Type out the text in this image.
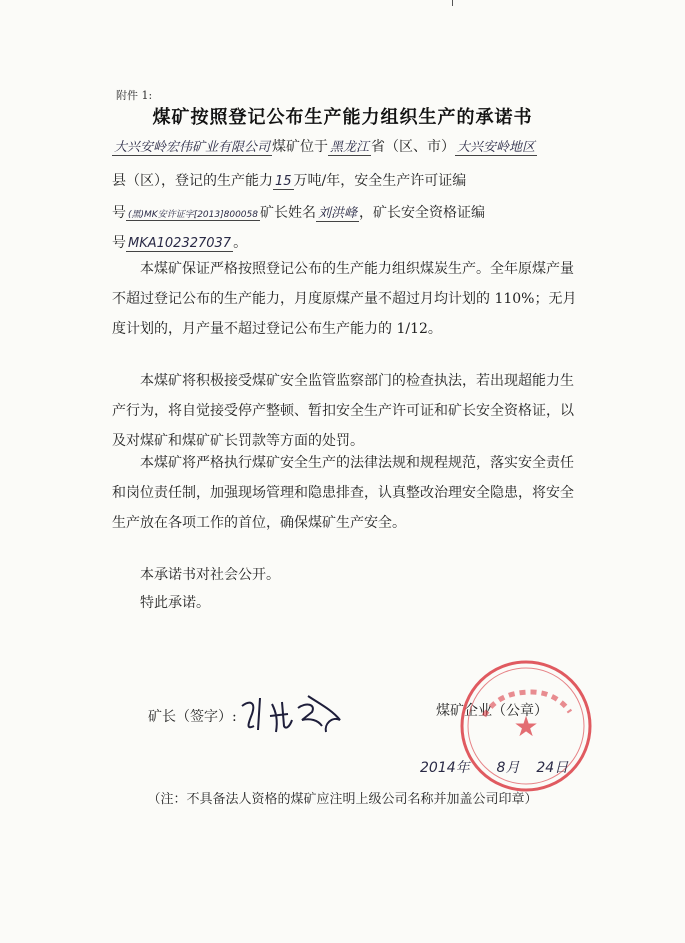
附件 1:
煤矿按照登记公布生产能力组织生产的承诺书

大兴安岭宏伟矿业有限公司 煤矿位于 黑龙江 省（区、市） 大兴安岭地区

县（区），登记的生产能力 15 万吨/年，安全生产许可证编

号 (黑)MK安许证字[2013]800058 矿长姓名 刘洪峰 ，矿长安全资格证编

号 MKA102327037 。

本煤矿保证严格按照登记公布的生产能力组织煤炭生产。全年原煤产量不超过登记公布的生产能力，月度原煤产量不超过月均计划的 110%；无月度计划的，月产量不超过登记公布生产能力的 1/12。

本煤矿将积极接受煤矿安全监管监察部门的检查执法，若出现超能力生产行为，将自觉接受停产整顿、暂扣安全生产许可证和矿长安全资格证，以及对煤矿和煤矿矿长罚款等方面的处罚。

本煤矿将严格执行煤矿安全生产的法律法规和规程规范，落实安全责任和岗位责任制，加强现场管理和隐患排查，认真整改治理安全隐患，将安全生产放在各项工作的首位，确保煤矿生产安全。

本承诺书对社会公开。

特此承诺。

矿长（签字）:	煤矿企业（公章）
★
2014年 8月 24日
（注：不具备法人资格的煤矿应注明上级公司名称并加盖公司印章）
